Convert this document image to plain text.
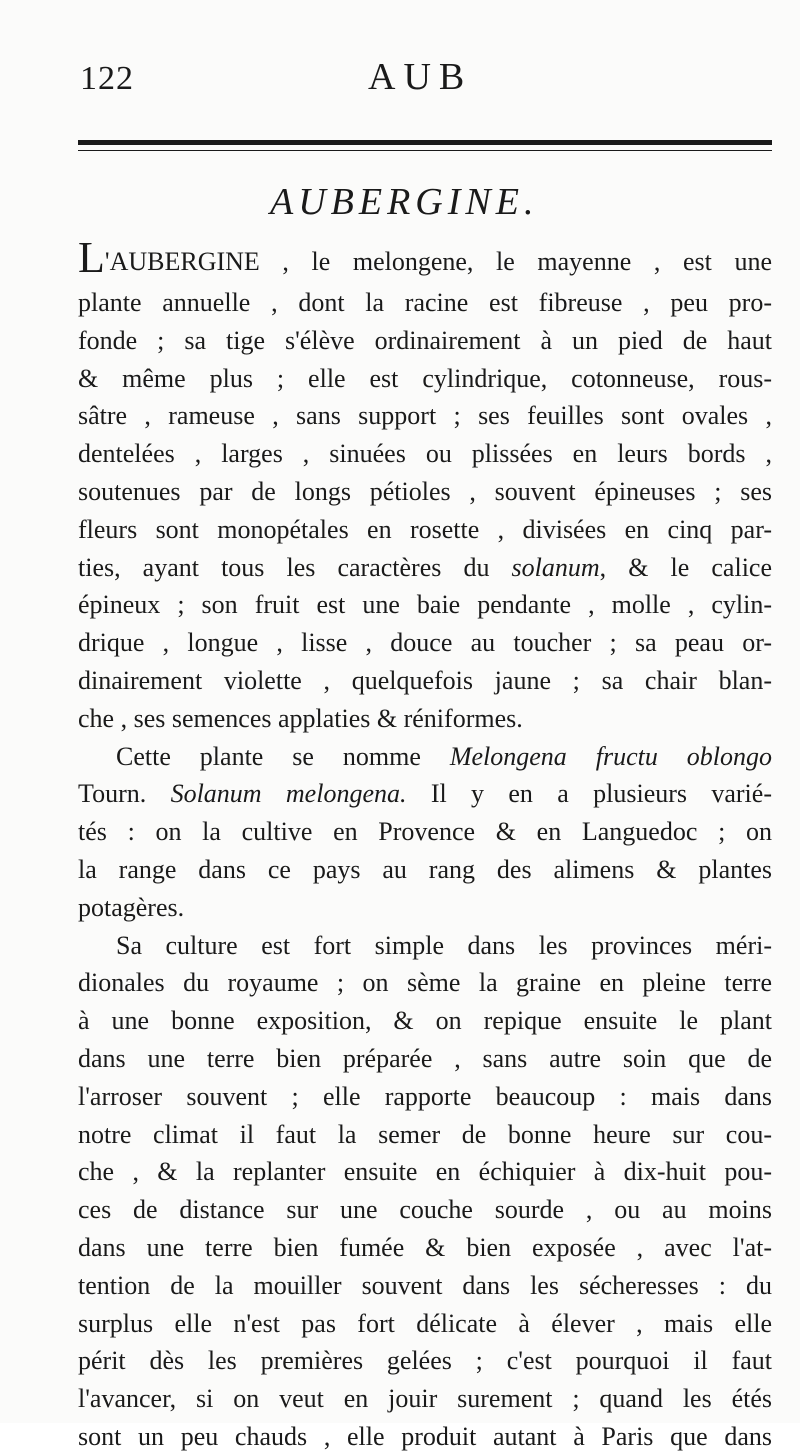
122	AUB
AUBERGINE.
L'AUBERGINE , le melongene, le mayenne , est une
plante annuelle , dont la racine est fibreuse , peu pro-
fonde ; sa tige s'élève ordinairement à un pied de haut
& même plus ; elle est cylindrique, cotonneuse, rous-
sâtre , rameuse , sans support ; ses feuilles sont ovales ,
dentelées , larges , sinuées ou plissées en leurs bords ,
soutenues par de longs pétioles , souvent épineuses ; ses
fleurs sont monopétales en rosette , divisées en cinq par-
ties, ayant tous les caractères du solanum, & le calice
épineux ; son fruit est une baie pendante , molle , cylin-
drique , longue , lisse , douce au toucher ; sa peau or-
dinairement violette , quelquefois jaune ; sa chair blan-
che , ses semences applaties & réniformes.
Cette plante se nomme Melongena fructu oblongo
Tourn. Solanum melongena. Il y en a plusieurs varié-
tés : on la cultive en Provence & en Languedoc ; on
la range dans ce pays au rang des alimens & plantes
potagères.
Sa culture est fort simple dans les provinces méri-
dionales du royaume ; on sème la graine en pleine terre
à une bonne exposition, & on repique ensuite le plant
dans une terre bien préparée , sans autre soin que de
l'arroser souvent ; elle rapporte beaucoup : mais dans
notre climat il faut la semer de bonne heure sur cou-
che , & la replanter ensuite en échiquier à dix-huit pou-
ces de distance sur une couche sourde , ou au moins
dans une terre bien fumée & bien exposée , avec l'at-
tention de la mouiller souvent dans les sécheresses : du
surplus elle n'est pas fort délicate à élever , mais elle
périt dès les premières gelées ; c'est pourquoi il faut
l'avancer, si on veut en jouir surement ; quand les étés
sont un peu chauds , elle produit autant à Paris que dans
